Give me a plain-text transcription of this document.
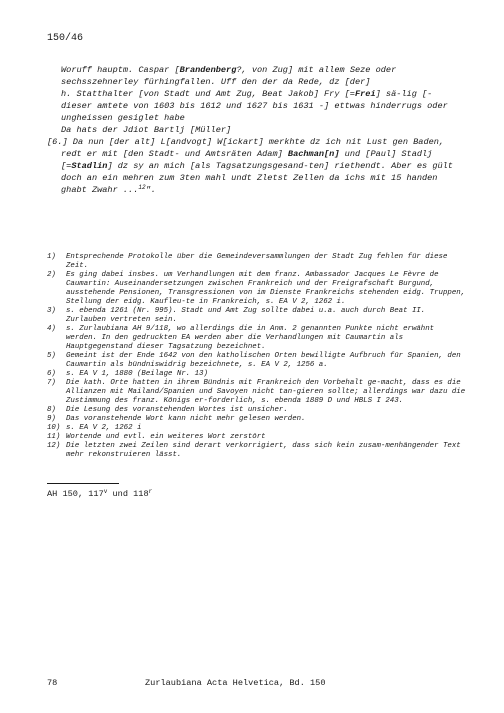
150/46

Woruff hauptm. Caspar [Brandenberg?, von Zug] mit allem Seze oder sechsszehnerley fürhingfallen. Uff den der da Rede, dz [der]

h. Statthalter [von Stadt und Amt Zug, Beat Jakob] Fry [=Frei] sä-lig [- dieser amtete von 1603 bis 1612 und 1627 bis 1631 -] ettwas hinderrugs oder ungheissen gesiglet habe

Da hats der Jdiot Bartlj [Müller]

[6.] Da nun [der alt] L[andvogt] W[ickart] merkhte dz ich nit Lust gen Baden, redt er mit [den Stadt- und Amtsräten Adam] Bachman[n] und [Paul] Stadlj [=Stadlin] dz sy an mich [als Tagsatzungsgesand-ten] riethendt. Aber es gült doch an ein mehren zum 3ten mahl undt Zletst Zellen da ichs mit 15 handen ghabt Zwahr ...$^{12}$".

1)	Entsprechende Protokolle über die Gemeindeversammlungen der Stadt Zug fehlen für diese Zeit.
2)	Es ging dabei insbes. um Verhandlungen mit dem franz. Ambassador Jacques Le Fèvre de Caumartin: Auseinandersetzungen zwischen Frankreich und der Freigrafschaft Burgund, ausstehende Pensionen, Transgressionen von im Dienste Frankreichs stehenden eidg. Truppen, Stellung der eidg. Kaufleu-te in Frankreich, s. EA V 2, 1262 i.
3)	s. ebenda 1261 (Nr. 995). Stadt und Amt Zug sollte dabei u.a. auch durch Beat II. Zurlauben vertreten sein.
4)	s. Zurlaubiana AH 9/118, wo allerdings die in Anm. 2 genannten Punkte nicht erwähnt werden. In den gedruckten EA werden aber die Verhandlungen mit Caumartin als Hauptgegenstand dieser Tagsatzung bezeichnet.
5)	Gemeint ist der Ende 1642 von den katholischen Orten bewilligte Aufbruch für Spanien, den Caumartin als bündniswidrig bezeichnete, s. EA V 2, 1256 a.
6)	s. EA V 1, 1880 (Beilage Nr. 13)
7)	Die kath. Orte hatten in ihrem Bündnis mit Frankreich den Vorbehalt ge-macht, dass es die Allianzen mit Mailand/Spanien und Savoyen nicht tan-gieren sollte; allerdings war dazu die Zustimmung des franz. Königs er-forderlich, s. ebenda 1889 D und HBLS I 243.
8)	Die Lesung des voranstehenden Wortes ist unsicher.
9)	Das voranstehende Wort kann nicht mehr gelesen werden.
10) s. EA V 2, 1262 i
11) Wortende und evtl. ein weiteres Wort zerstört
12) Die letzten zwei Zeilen sind derart verkorrigiert, dass sich kein zusam-menhängender Text mehr rekonstruieren lässt.
AH 150, 117$^v$ und 118$^r$
78	Zurlaubiana Acta Helvetica, Bd. 150
